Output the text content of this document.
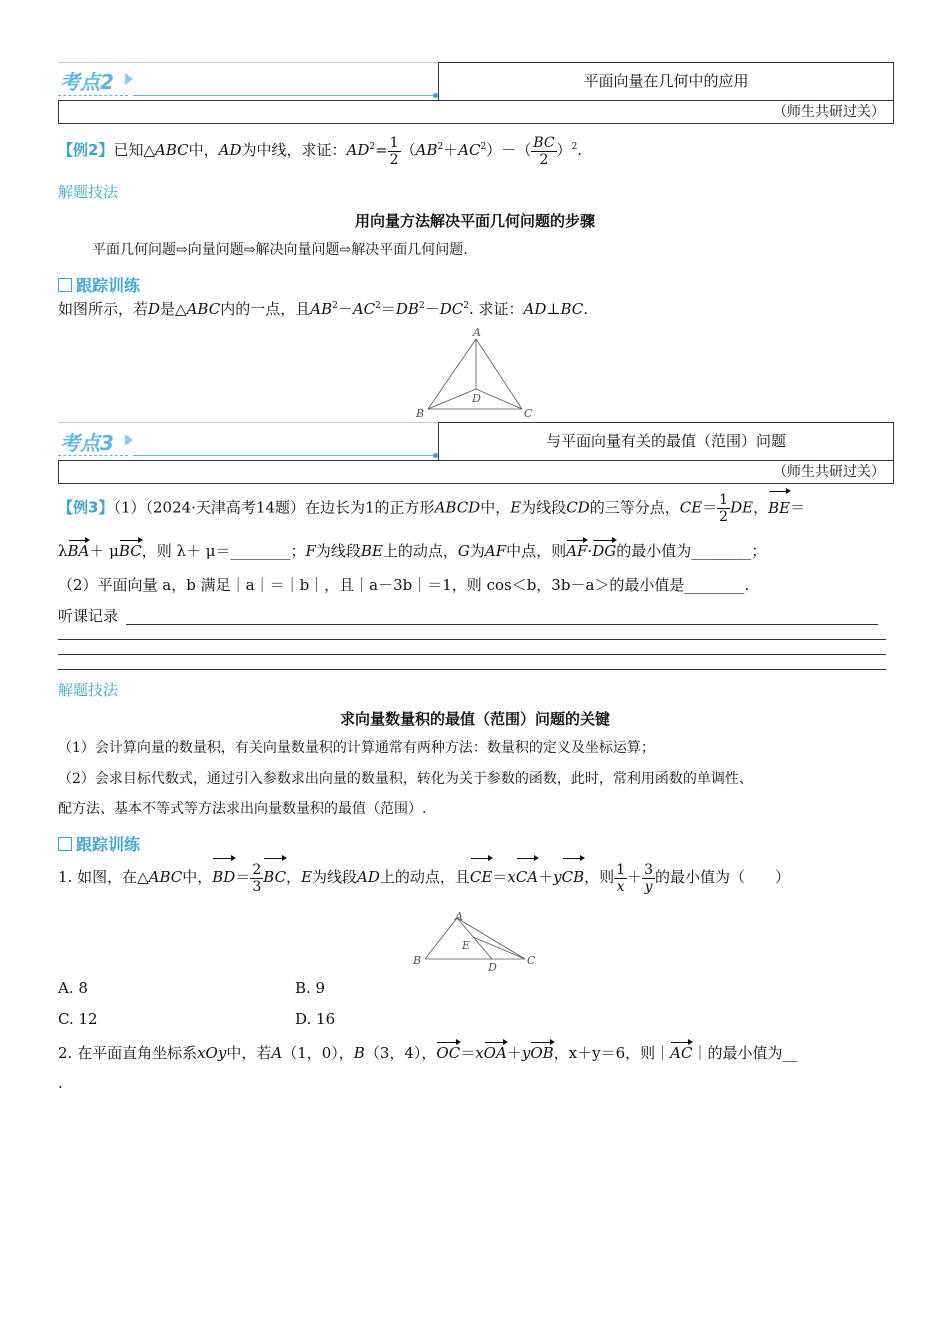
考点2	平面向量在几何中的应用
（师生共研过关）
【例2】已知△ABC中，AD为中线，求证：$AD^2= \frac{1}{2} (AB^2+AC^2)-( \frac{BC}{2} )^2$.
解题技法
用向量方法解决平面几何问题的步骤
平面几何问题⇨向量问题⇨解决向量问题⇨解决平面几何问题.
跟踪训练
如图所示，若D是△ABC内的一点，且$AB^2-AC^2=DB^2-DC^2$. 求证：AD⊥BC.
A
B	C
D
考点3	与平面向量有关的最值（范围）问题
（师生共研过关）
【例3】（1）（2024·天津高考14题）在边长为1的正方形ABCD中，E为线段CD的三等分点，$CE= \frac{1}{2}$ DE，BE＝
λBA＋ μBC，则 λ＋ μ＝________；F为线段BE上的动点，G为AF中点，则AF·DG的最小值为________；
（2）平面向量 a，b 满足｜a｜＝｜b｜，且｜a－3b｜＝1，则 cos＜b，3b－a＞的最小值是________.
听课记录
解题技法
求向量数量积的最值（范围）问题的关键
（1）会计算向量的数量积，有关向量数量积的计算通常有两种方法：数量积的定义及坐标运算；
（2）会求目标代数式，通过引入参数求出向量的数量积，转化为关于参数的函数，此时，常利用函数的单调性、
配方法、基本不等式等方法求出向量数量积的最值（范围）.
跟踪训练
1. 如图，在△ABC中，$BD= \frac{2}{3}$ BC，E为线段AD上的动点，且CE＝xCA＋yCB，则 $\frac{1}{x} + \frac{3}{y}$ 的最小值为（　　）
A
B	C
D
E
A. 8	B. 9
C. 12	D. 16
2. 在平面直角坐标系xOy中，若A（1，0），B（3，4），OC＝xOA＋yOB，x＋y＝6，则｜AC｜的最小值为__
.
